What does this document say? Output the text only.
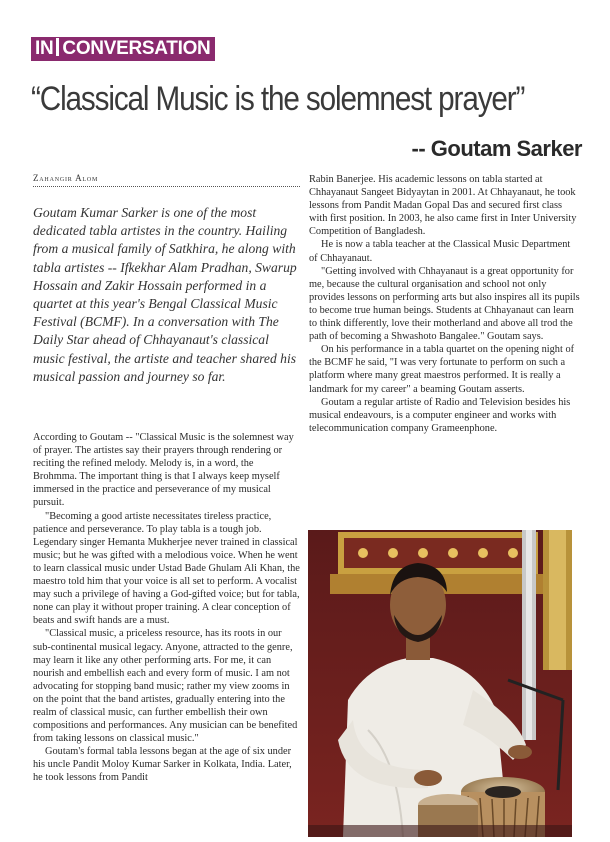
IN CONVERSATION
“Classical Music is the solemnest prayer”
-- Goutam Sarker
Zahangir Alom

Goutam Kumar Sarker is one of the most dedicated tabla artistes in the country. Hailing from a musical family of Satkhira, he along with tabla artistes -- Ifkekhar Alam Pradhan, Swarup Hossain and Zakir Hossain performed in a quartet at this year's Bengal Classical Music Festival (BCMF). In a conversation with The Daily Star ahead of Chhayanaut's classical music festival, the artiste and teacher shared his musical passion and journey so far.

According to Goutam -- "Classical Music is the solemnest way of prayer. The artistes say their prayers through rendering or reciting the refined melody. Melody is, in a word, the Brohmma. The important thing is that I always keep myself immersed in the practice and perseverance of my musical pursuit.

"Becoming a good artiste necessitates tireless practice, patience and perseverance. To play tabla is a tough job. Legendary singer Hemanta Mukherjee never trained in classical music; but he was gifted with a melodious voice. When he went to learn classical music under Ustad Bade Ghulam Ali Khan, the maestro told him that your voice is all set to perform. A vocalist may such a privilege of having a God-gifted voice; but for tabla, none can play it without proper training. A clear conception of beats and swift hands are a must.

"Classical music, a priceless resource, has its roots in our sub-continental musical legacy. Anyone, attracted to the genre, may learn it like any other performing arts. For me, it can nourish and embellish each and every form of music. I am not advocating for stopping band music; rather my view zooms in on the point that the band artistes, gradually entering into the realm of classical music, can further embellish their own compositions and performances. Any musician can be benefited from taking lessons on classical music."

Goutam's formal tabla lessons began at the age of six under his uncle Pandit Moloy Kumar Sarker in Kolkata, India. Later, he took lessons from Pandit

Rabin Banerjee. His academic lessons on tabla started at Chhayanaut Sangeet Bidyaytan in 2001. At Chhayanaut, he took lessons from Pandit Madan Gopal Das and secured first class with first position. In 2003, he also came first in Inter University Competition of Bangladesh.

He is now a tabla teacher at the Classical Music Department of Chhayanaut.

"Getting involved with Chhayanaut is a great opportunity for me, because the cultural organisation and school not only provides lessons on performing arts but also inspires all its pupils to become true human beings. Students at Chhayanaut can learn to think differently, love their motherland and above all trod the path of becoming a Shwashoto Bangalee." Goutam says.

On his performance in a tabla quartet on the opening night of the BCMF he said, "I was very fortunate to perform on such a platform where many great maestros performed. It is really a landmark for my career" a beaming Goutam asserts.

Goutam a regular artiste of Radio and Television besides his musical endeavours, is a computer engineer and works with telecommunication company Grameenphone.
